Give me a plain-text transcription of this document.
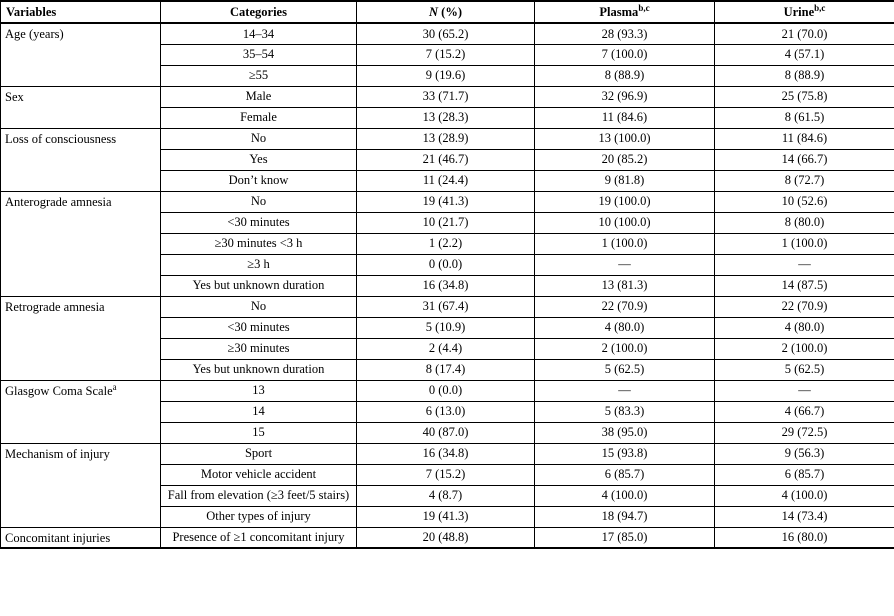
Variables	Categories	N (%)	Plasma$^{b,c}$	Urine$^{b,c}$
Age (years)	14–34	30 (65.2)	28 (93.3)	21 (70.0)
	35–54	7 (15.2)	7 (100.0)	4 (57.1)
	≥55	9 (19.6)	8 (88.9)	8 (88.9)
Sex	Male	33 (71.7)	32 (96.9)	25 (75.8)
	Female	13 (28.3)	11 (84.6)	8 (61.5)
Loss of consciousness	No	13 (28.9)	13 (100.0)	11 (84.6)
	Yes	21 (46.7)	20 (85.2)	14 (66.7)
	Don’t know	11 (24.4)	9 (81.8)	8 (72.7)
Anterograde amnesia	No	19 (41.3)	19 (100.0)	10 (52.6)
	<30 minutes	10 (21.7)	10 (100.0)	8 (80.0)
	≥30 minutes <3 h	1 (2.2)	1 (100.0)	1 (100.0)
	≥3 h	0 (0.0)	—	—
	Yes but unknown duration	16 (34.8)	13 (81.3)	14 (87.5)
Retrograde amnesia	No	31 (67.4)	22 (70.9)	22 (70.9)
	<30 minutes	5 (10.9)	4 (80.0)	4 (80.0)
	≥30 minutes	2 (4.4)	2 (100.0)	2 (100.0)
	Yes but unknown duration	8 (17.4)	5 (62.5)	5 (62.5)
Glasgow Coma Scale$^a$	13	0 (0.0)	—	—
	14	6 (13.0)	5 (83.3)	4 (66.7)
	15	40 (87.0)	38 (95.0)	29 (72.5)
Mechanism of injury	Sport	16 (34.8)	15 (93.8)	9 (56.3)
	Motor vehicle accident	7 (15.2)	6 (85.7)	6 (85.7)
	Fall from elevation (≥3 feet/5 stairs)	4 (8.7)	4 (100.0)	4 (100.0)
	Other types of injury	19 (41.3)	18 (94.7)	14 (73.4)
Concomitant injuries	Presence of ≥1 concomitant injury	20 (48.8)	17 (85.0)	16 (80.0)
